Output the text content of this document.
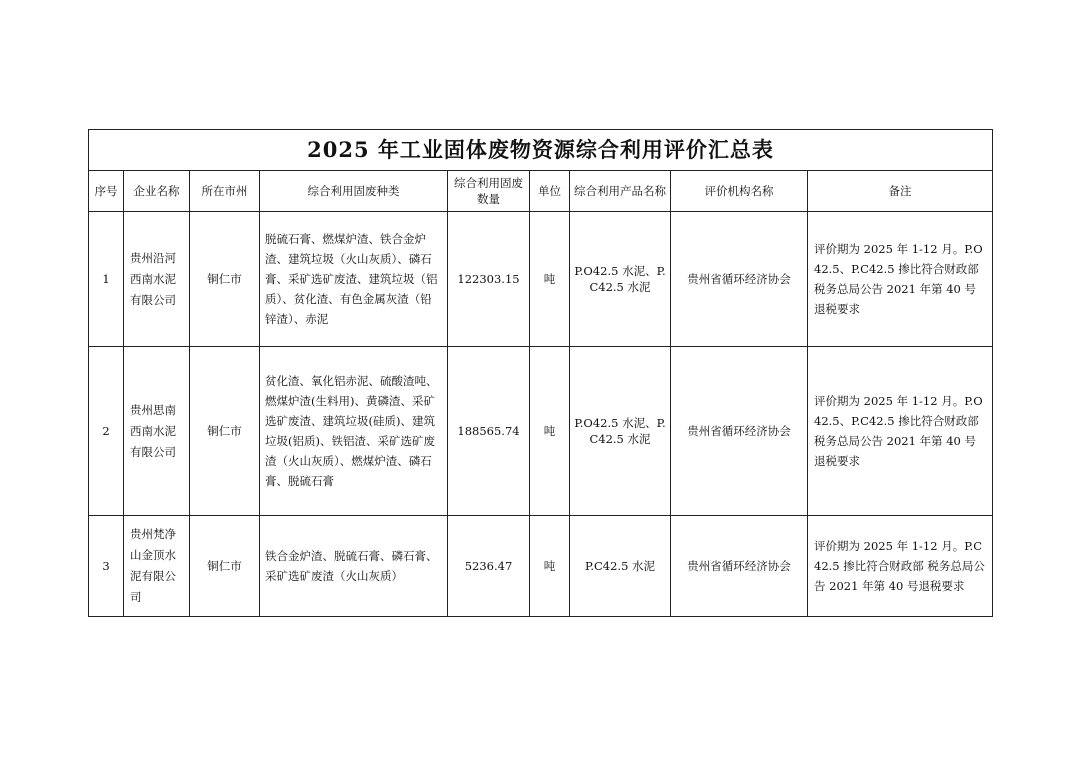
2025 年工业固体废物资源综合利用评价汇总表								
序号	企业名称	所在市州	综合利用固废种类	综合利用固废数量	单位	综合利用产品名称	评价机构名称	备注
1	贵州沿河西南水泥有限公司	铜仁市	脱硫石膏、燃煤炉渣、铁合金炉渣、建筑垃圾（火山灰质）、磷石膏、采矿选矿废渣、建筑垃圾（铝质）、贫化渣、有色金属灰渣（铅锌渣）、赤泥	122303.15	吨	P.O42.5 水泥、P.C42.5 水泥	贵州省循环经济协会	评价期为 2025 年 1-12 月。P.O42.5、P.C42.5 掺比符合财政部 税务总局公告 2021 年第 40 号退税要求
2	贵州思南西南水泥有限公司	铜仁市	贫化渣、氧化铝赤泥、硫酸渣吨、燃煤炉渣(生料用)、黄磷渣、采矿选矿废渣、建筑垃圾(硅质)、建筑垃圾(铝质)、铁铝渣、采矿选矿废渣（火山灰质）、燃煤炉渣、磷石膏、脱硫石膏	188565.74	吨	P.O42.5 水泥、P.C42.5 水泥	贵州省循环经济协会	评价期为 2025 年 1-12 月。P.O42.5、P.C42.5 掺比符合财政部 税务总局公告 2021 年第 40 号退税要求
3	贵州梵净山金顶水泥有限公司	铜仁市	铁合金炉渣、脱硫石膏、磷石膏、采矿选矿废渣（火山灰质）	5236.47	吨	P.C42.5 水泥	贵州省循环经济协会	评价期为 2025 年 1-12 月。P.C42.5 掺比符合财政部 税务总局公告 2021 年第 40 号退税要求
